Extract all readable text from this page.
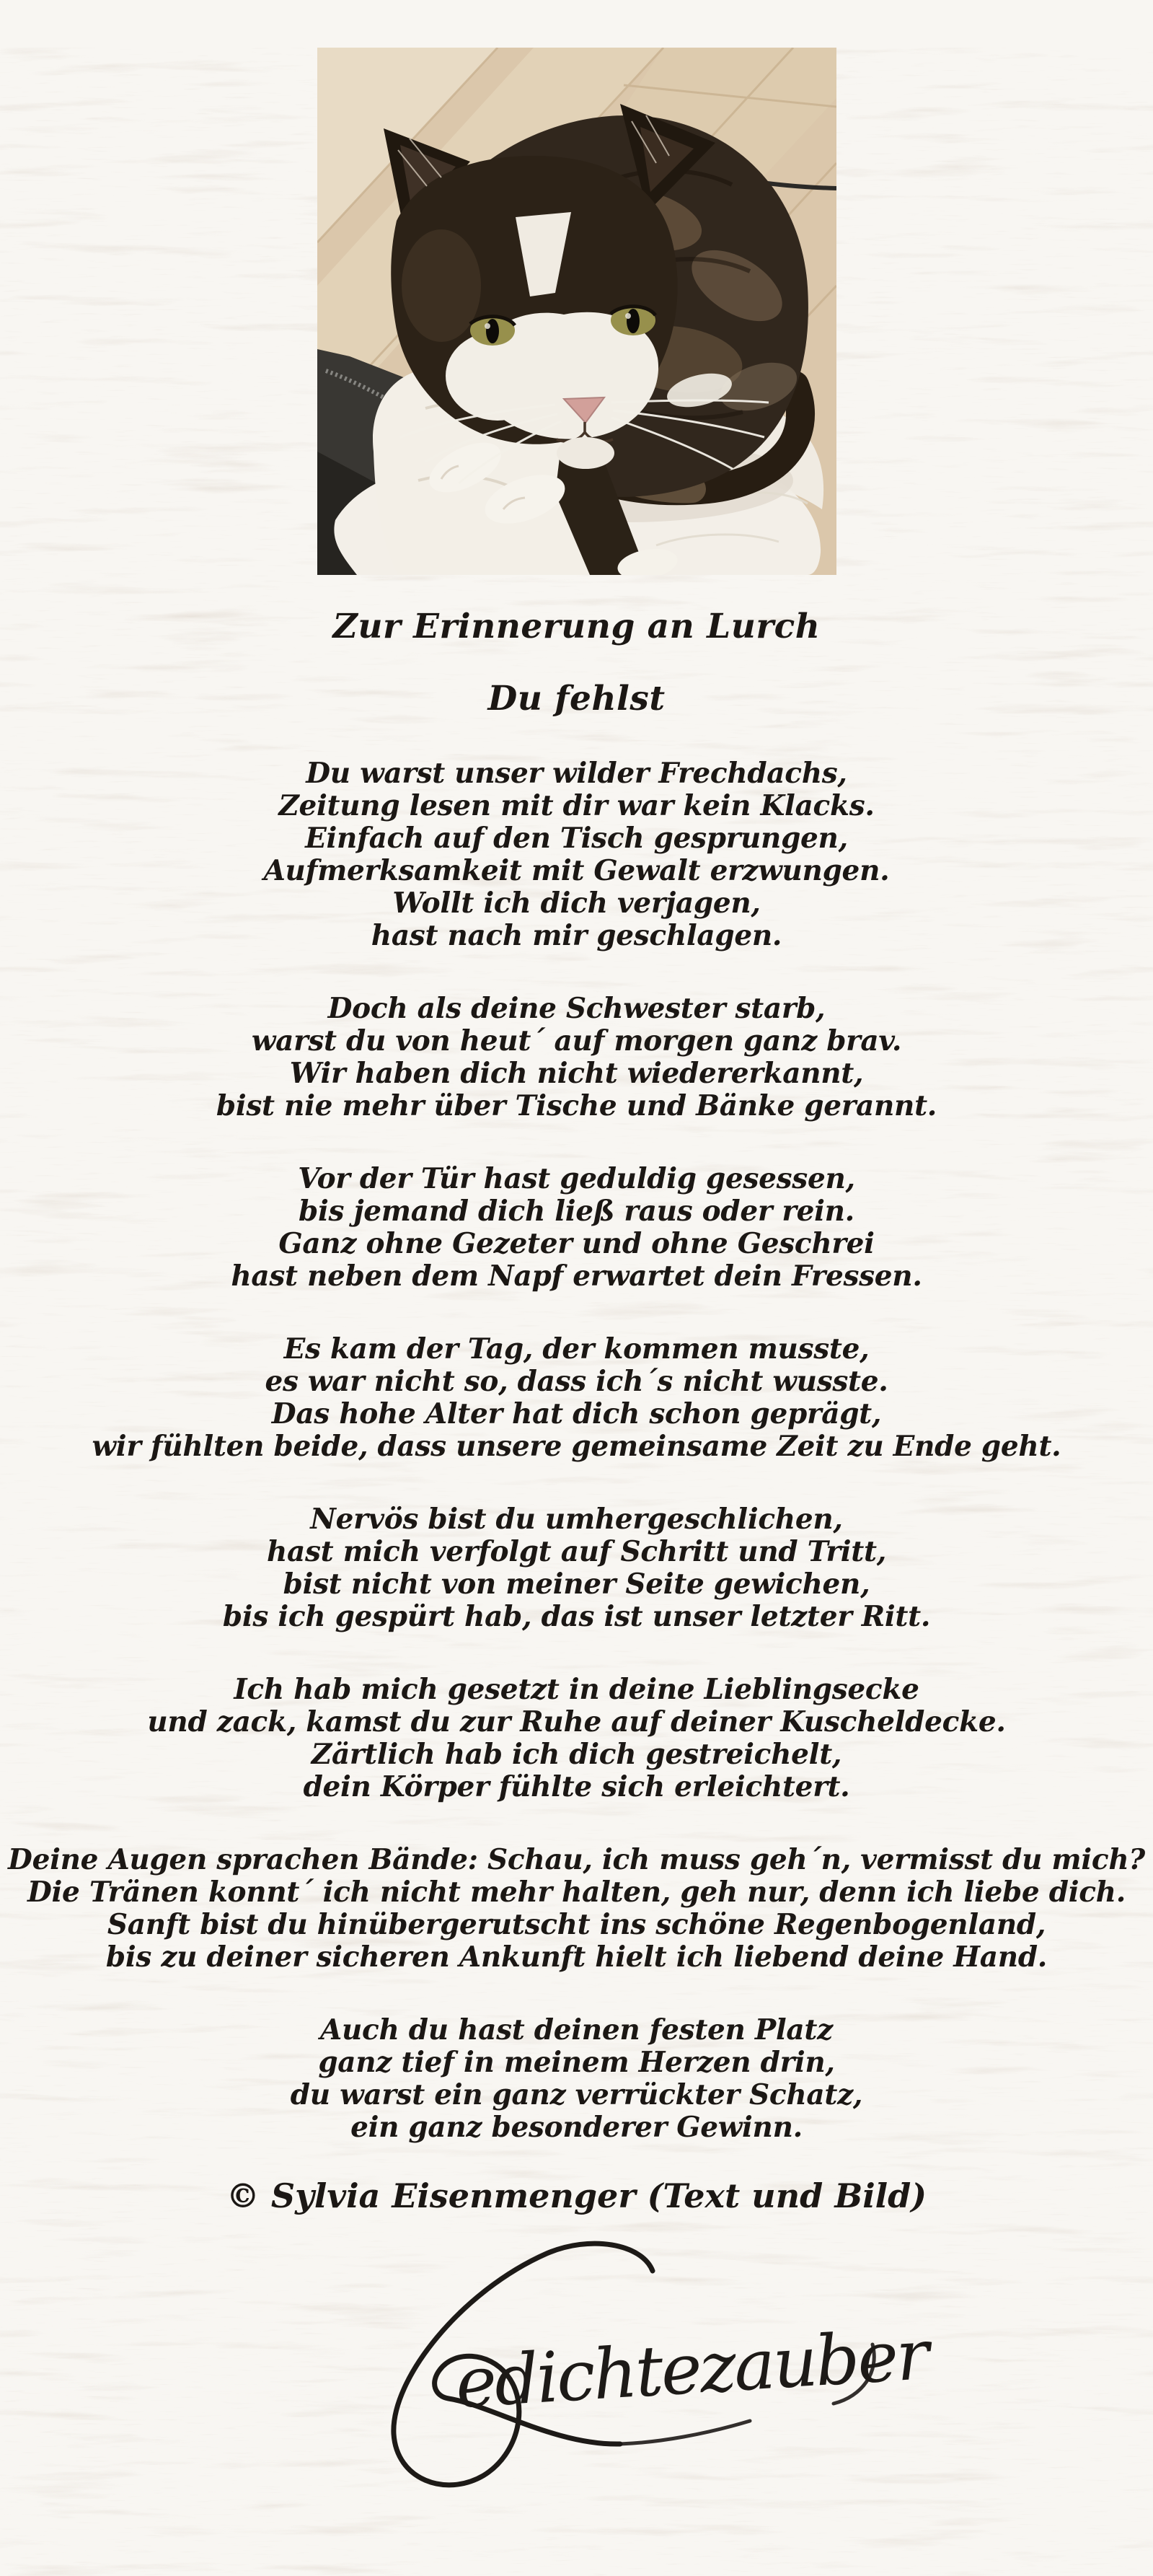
Zur Erinnerung an Lurch
Du fehlst
Du warst unser wilder Frechdachs,
Zeitung lesen mit dir war kein Klacks.
Einfach auf den Tisch gesprungen,
Aufmerksamkeit mit Gewalt erzwungen.
Wollt ich dich verjagen,
hast nach mir geschlagen.
Doch als deine Schwester starb,
warst du von heut´ auf morgen ganz brav.
Wir haben dich nicht wiedererkannt,
bist nie mehr über Tische und Bänke gerannt.
Vor der Tür hast geduldig gesessen,
bis jemand dich ließ raus oder rein.
Ganz ohne Gezeter und ohne Geschrei
hast neben dem Napf erwartet dein Fressen.
Es kam der Tag, der kommen musste,
es war nicht so, dass ich´s nicht wusste.
Das hohe Alter hat dich schon geprägt,
wir fühlten beide, dass unsere gemeinsame Zeit zu Ende geht.
Nervös bist du umhergeschlichen,
hast mich verfolgt auf Schritt und Tritt,
bist nicht von meiner Seite gewichen,
bis ich gespürt hab, das ist unser letzter Ritt.
Ich hab mich gesetzt in deine Lieblingsecke
und zack, kamst du zur Ruhe auf deiner Kuscheldecke.
Zärtlich hab ich dich gestreichelt,
dein Körper fühlte sich erleichtert.
Deine Augen sprachen Bände: Schau, ich muss geh´n, vermisst du mich?
Die Tränen konnt´ ich nicht mehr halten, geh nur, denn ich liebe dich.
Sanft bist du hinübergerutscht ins schöne Regenbogenland,
bis zu deiner sicheren Ankunft hielt ich liebend deine Hand.
Auch du hast deinen festen Platz
ganz tief in meinem Herzen drin,
du warst ein ganz verrückter Schatz,
ein ganz besonderer Gewinn.
© Sylvia Eisenmenger (Text und Bild)
edichtezauber
